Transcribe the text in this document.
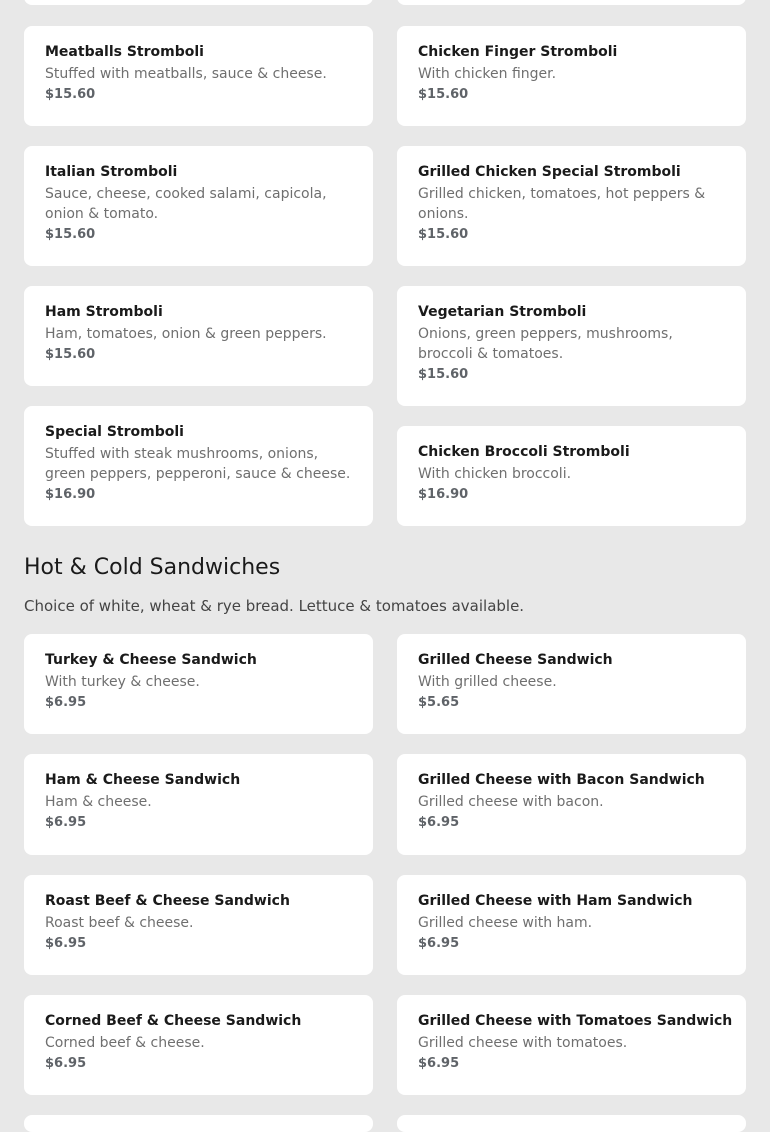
Meatballs Stromboli
Stuffed with meatballs, sauce & cheese.
$15.60
Chicken Finger Stromboli
With chicken finger.
$15.60
Italian Stromboli
Sauce, cheese, cooked salami, capicola, onion & tomato.
$15.60
Grilled Chicken Special Stromboli
Grilled chicken, tomatoes, hot peppers & onions.
$15.60
Ham Stromboli
Ham, tomatoes, onion & green peppers.
$15.60
Vegetarian Stromboli
Onions, green peppers, mushrooms, broccoli & tomatoes.
$15.60
Special Stromboli
Stuffed with steak mushrooms, onions, green peppers, pepperoni, sauce & cheese.
$16.90
Chicken Broccoli Stromboli
With chicken broccoli.
$16.90
Hot & Cold Sandwiches
Choice of white, wheat & rye bread. Lettuce & tomatoes available.
Turkey & Cheese Sandwich
With turkey & cheese.
$6.95
Grilled Cheese Sandwich
With grilled cheese.
$5.65
Ham & Cheese Sandwich
Ham & cheese.
$6.95
Grilled Cheese with Bacon Sandwich
Grilled cheese with bacon.
$6.95
Roast Beef & Cheese Sandwich
Roast beef & cheese.
$6.95
Grilled Cheese with Ham Sandwich
Grilled cheese with ham.
$6.95
Corned Beef & Cheese Sandwich
Corned beef & cheese.
$6.95
Grilled Cheese with Tomatoes Sandwich
Grilled cheese with tomatoes.
$6.95
